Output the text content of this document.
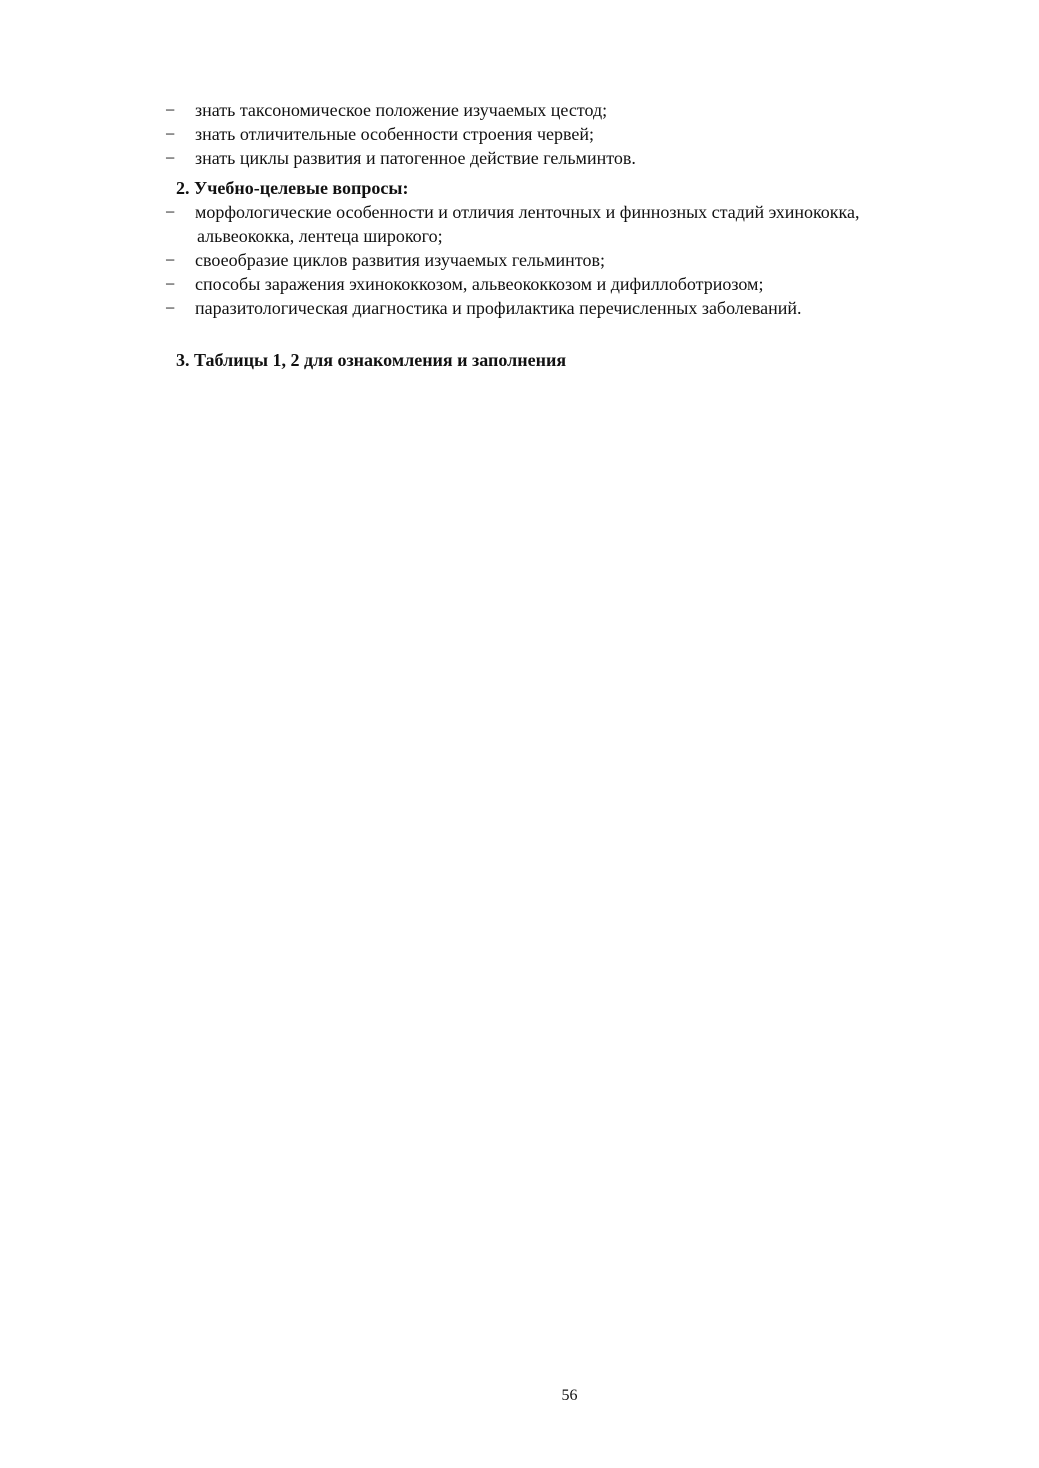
− знать таксономическое положение изучаемых цестод;
− знать отличительные особенности строения червей;
− знать циклы развития и патогенное действие гельминтов.
2. Учебно-целевые вопросы:
− морфологические особенности и отличия ленточных и финнозных стадий эхинококка,
альвеококка, лентеца широкого;
− своеобразие циклов развития изучаемых гельминтов;
− способы заражения эхинококкозом, альвеококкозом и дифиллоботриозом;
− паразитологическая диагностика и профилактика перечисленных заболеваний.
3. Таблицы 1, 2 для ознакомления и заполнения
56
